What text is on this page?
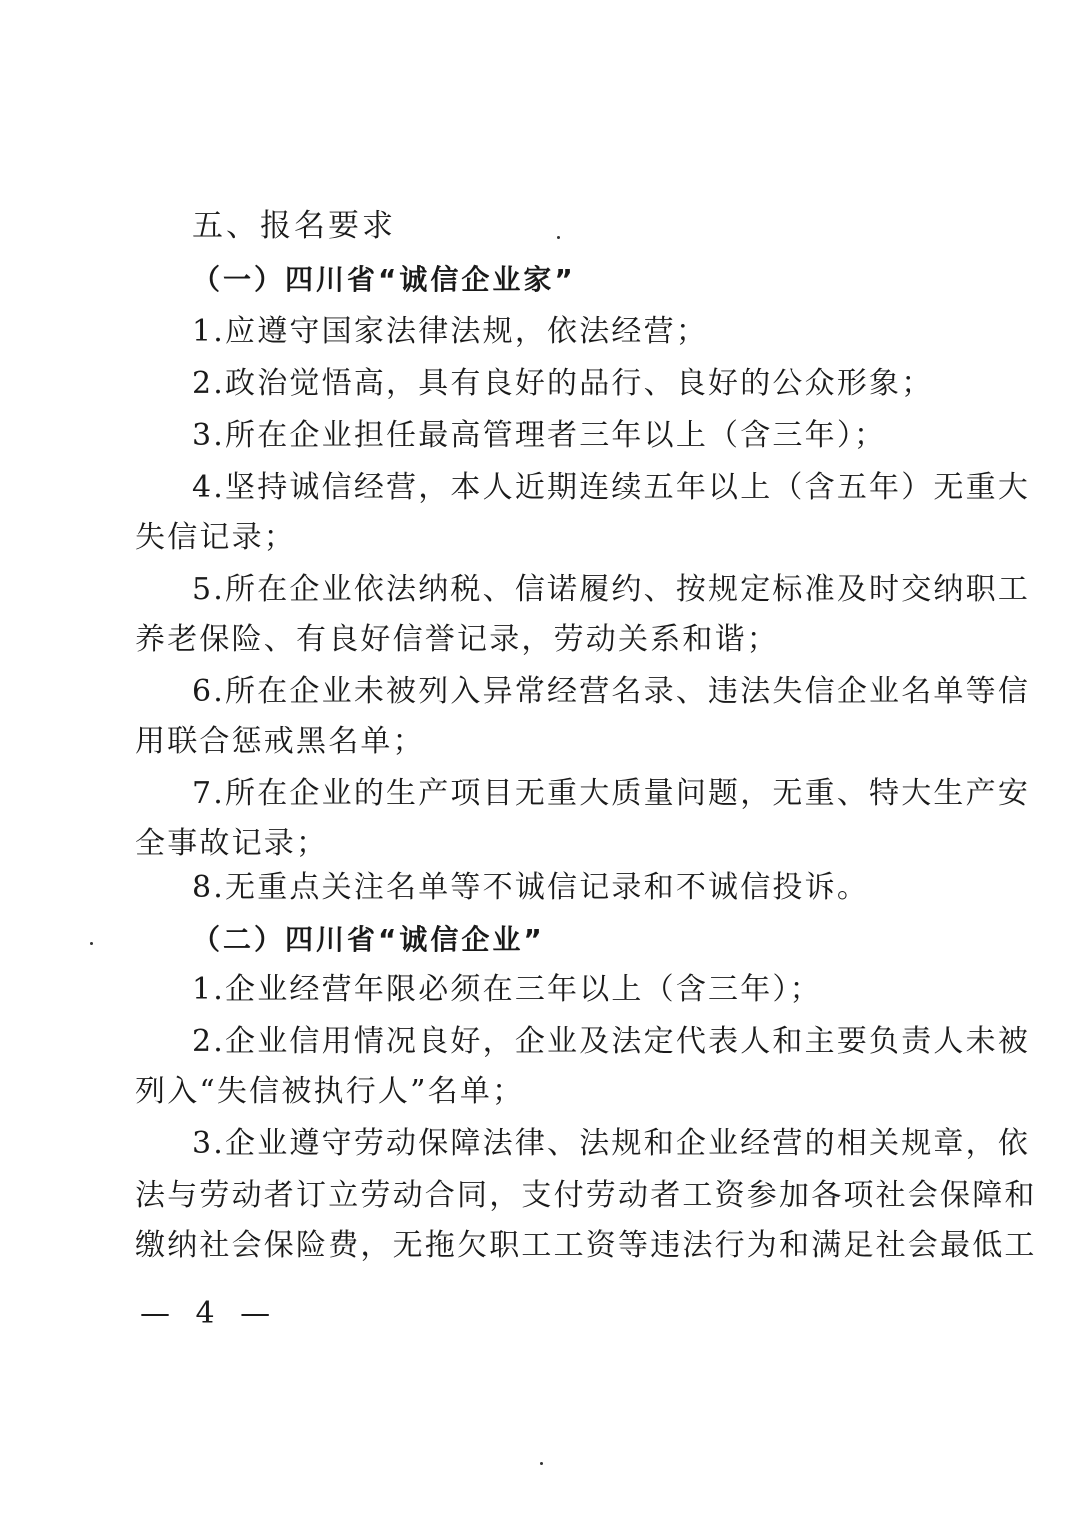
五、报名要求
（一）四川省“诚信企业家”
1.应遵守国家法律法规，依法经营；
2.政治觉悟高，具有良好的品行、良好的公众形象；
3.所在企业担任最高管理者三年以上（含三年）；
4.坚持诚信经营，本人近期连续五年以上（含五年）无重大
失信记录；
5.所在企业依法纳税、信诺履约、按规定标准及时交纳职工
养老保险、有良好信誉记录，劳动关系和谐；
6.所在企业未被列入异常经营名录、违法失信企业名单等信
用联合惩戒黑名单；
7.所在企业的生产项目无重大质量问题，无重、特大生产安
全事故记录；
8.无重点关注名单等不诚信记录和不诚信投诉。
（二）四川省“诚信企业”
1.企业经营年限必须在三年以上（含三年）；
2.企业信用情况良好，企业及法定代表人和主要负责人未被
列入“失信被执行人”名单；
3.企业遵守劳动保障法律、法规和企业经营的相关规章，依
法与劳动者订立劳动合同，支付劳动者工资参加各项社会保障和
缴纳社会保险费，无拖欠职工工资等违法行为和满足社会最低工
— 4 —
